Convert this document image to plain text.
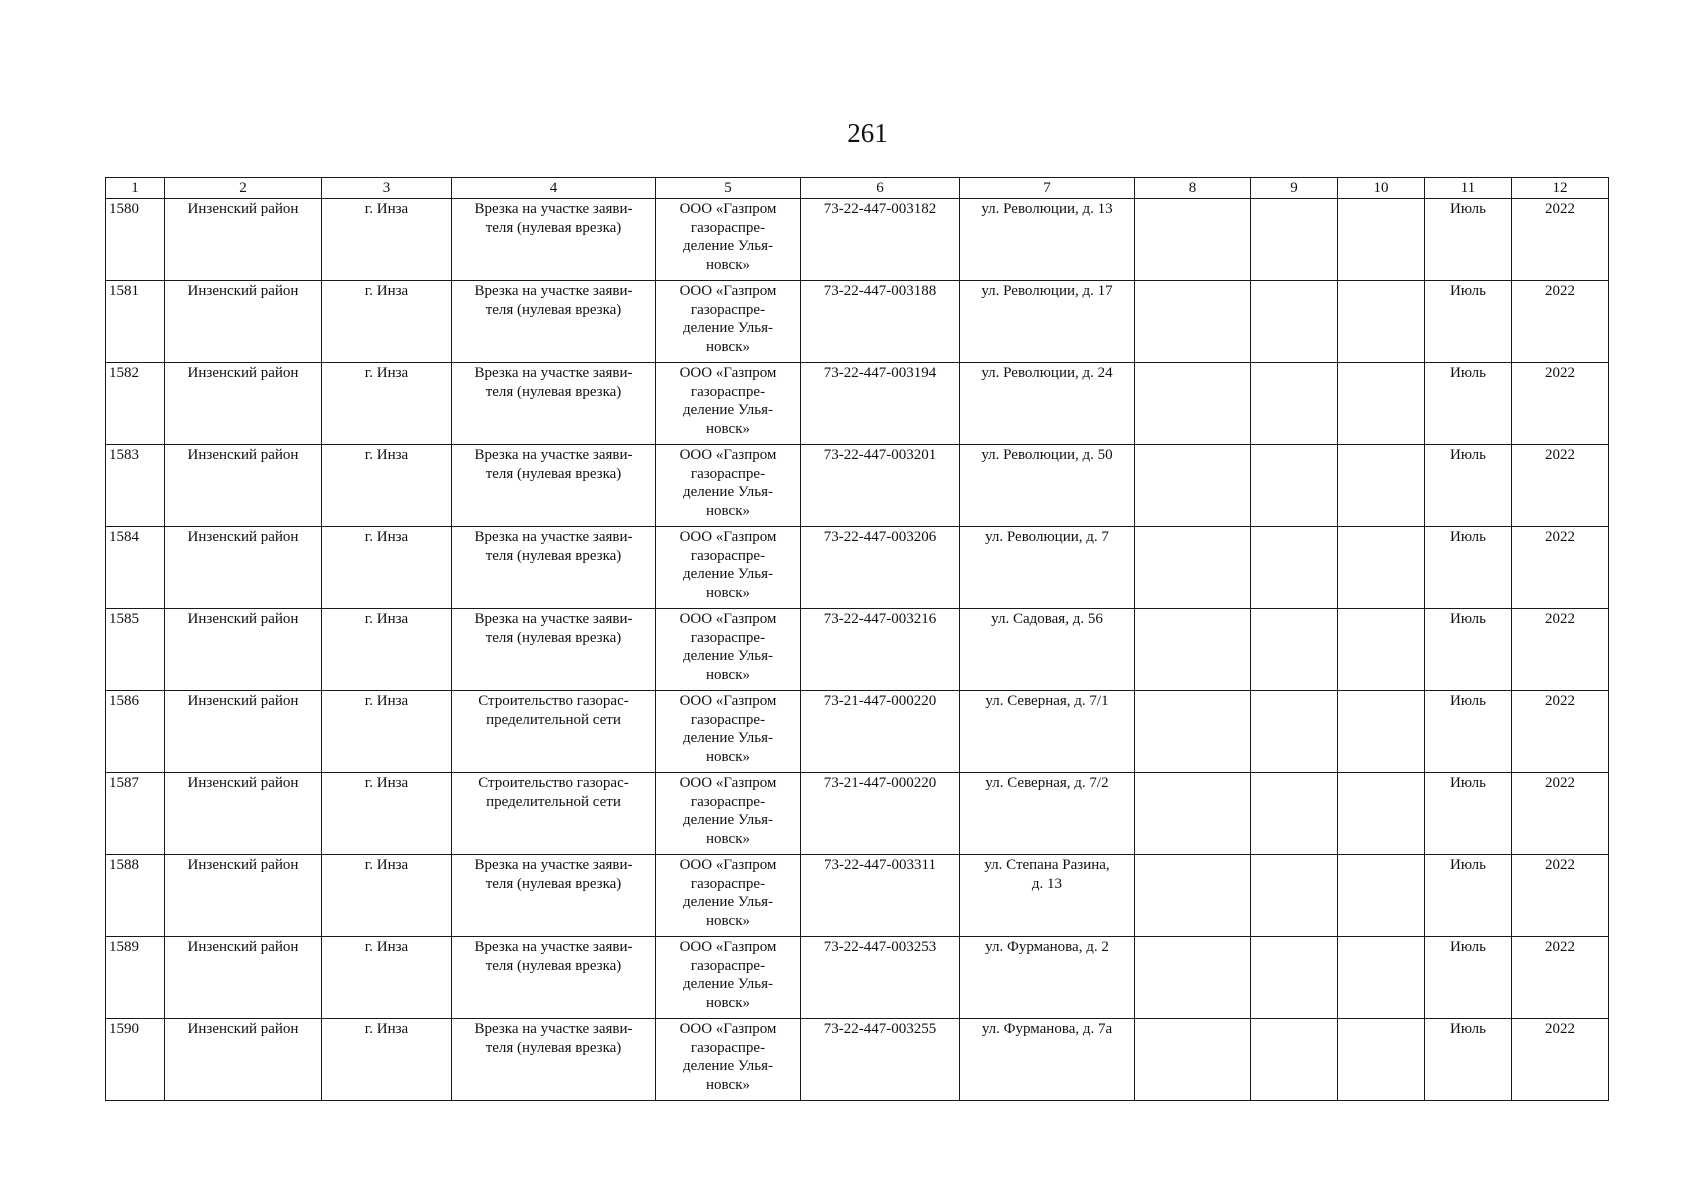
261
1	2	3	4	5	6	7	8	9	10	11	12
1580	Инзенский район	г. Инза	Врезка на участке заяви-
теля (нулевая врезка)	ООО «Газпром
газораспре-
деление Улья-
новск»	73-22-447-003182	ул. Революции, д. 13				Июль	2022
1581	Инзенский район	г. Инза	Врезка на участке заяви-
теля (нулевая врезка)	ООО «Газпром
газораспре-
деление Улья-
новск»	73-22-447-003188	ул. Революции, д. 17				Июль	2022
1582	Инзенский район	г. Инза	Врезка на участке заяви-
теля (нулевая врезка)	ООО «Газпром
газораспре-
деление Улья-
новск»	73-22-447-003194	ул. Революции, д. 24				Июль	2022
1583	Инзенский район	г. Инза	Врезка на участке заяви-
теля (нулевая врезка)	ООО «Газпром
газораспре-
деление Улья-
новск»	73-22-447-003201	ул. Революции, д. 50				Июль	2022
1584	Инзенский район	г. Инза	Врезка на участке заяви-
теля (нулевая врезка)	ООО «Газпром
газораспре-
деление Улья-
новск»	73-22-447-003206	ул. Революции, д. 7				Июль	2022
1585	Инзенский район	г. Инза	Врезка на участке заяви-
теля (нулевая врезка)	ООО «Газпром
газораспре-
деление Улья-
новск»	73-22-447-003216	ул. Садовая, д. 56				Июль	2022
1586	Инзенский район	г. Инза	Строительство газорас-
пределительной сети	ООО «Газпром
газораспре-
деление Улья-
новск»	73-21-447-000220	ул. Северная, д. 7/1				Июль	2022
1587	Инзенский район	г. Инза	Строительство газорас-
пределительной сети	ООО «Газпром
газораспре-
деление Улья-
новск»	73-21-447-000220	ул. Северная, д. 7/2				Июль	2022
1588	Инзенский район	г. Инза	Врезка на участке заяви-
теля (нулевая врезка)	ООО «Газпром
газораспре-
деление Улья-
новск»	73-22-447-003311	ул. Степана Разина,
д. 13				Июль	2022
1589	Инзенский район	г. Инза	Врезка на участке заяви-
теля (нулевая врезка)	ООО «Газпром
газораспре-
деление Улья-
новск»	73-22-447-003253	ул. Фурманова, д. 2				Июль	2022
1590	Инзенский район	г. Инза	Врезка на участке заяви-
теля (нулевая врезка)	ООО «Газпром
газораспре-
деление Улья-
новск»	73-22-447-003255	ул. Фурманова, д. 7а				Июль	2022
